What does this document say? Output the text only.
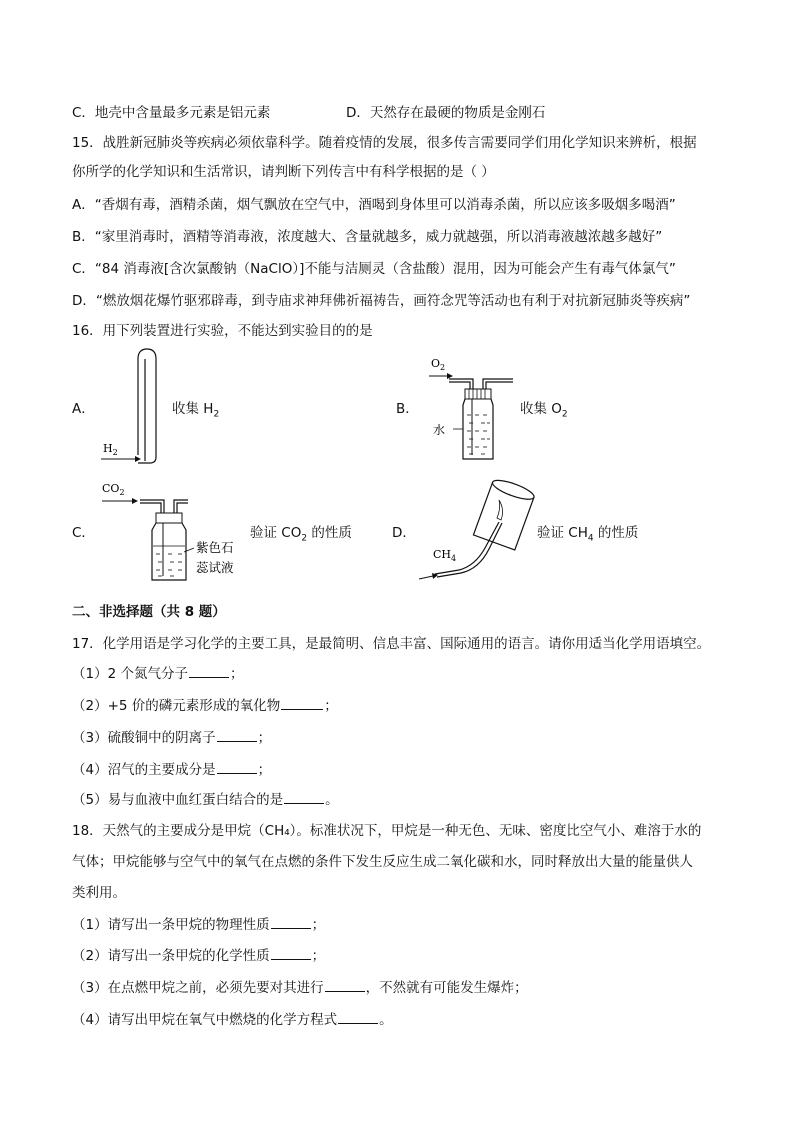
C．地壳中含量最多元素是铝元素	D．天然存在最硬的物质是金刚石
15．战胜新冠肺炎等疾病必须依靠科学。随着疫情的发展，很多传言需要同学们用化学知识来辨析，根据
你所学的化学知识和生活常识，请判断下列传言中有科学根据的是（ ）
A．“香烟有毒，酒精杀菌，烟气飘放在空气中，酒喝到身体里可以消毒杀菌，所以应该多吸烟多喝酒”
B．“家里消毒时，酒精等消毒液，浓度越大、含量就越多，威力就越强，所以消毒液越浓越多越好”
C．“84 消毒液[含次氯酸钠（NaClO）]不能与洁厕灵（含盐酸）混用，因为可能会产生有毒气体氯气”
D．“燃放烟花爆竹驱邪辟毒，到寺庙求神拜佛祈福祷告，画符念咒等活动也有利于对抗新冠肺炎等疾病”
16．用下列装置进行实验，不能达到实验目的的是
A．
$H_2$
收集 $H_2$	B．
$O_2$
水
收集 $O_2$
C．
$CO_2$
紫色石
蕊试液
验证 $CO_2$ 的性质	D．
$CH_4$
验证 $CH_4$ 的性质
二、非选择题（共 8 题）
17．化学用语是学习化学的主要工具，是最简明、信息丰富、国际通用的语言。请你用适当化学用语填空。
（1）2 个氮气分子	；
（2）+5 价的磷元素形成的氧化物	；
（3）硫酸铜中的阴离子	；
（4）沼气的主要成分是	；
（5）易与血液中血红蛋白结合的是	。
18．天然气的主要成分是甲烷（CH₄）。标准状况下，甲烷是一种无色、无味、密度比空气小、难溶于水的
气体；甲烷能够与空气中的氧气在点燃的条件下发生反应生成二氧化碳和水，同时释放出大量的能量供人
类利用。
（1）请写出一条甲烷的物理性质	；
（2）请写出一条甲烷的化学性质	；
（3）在点燃甲烷之前，必须先要对其进行	，不然就有可能发生爆炸；
（4）请写出甲烷在氧气中燃烧的化学方程式	。
